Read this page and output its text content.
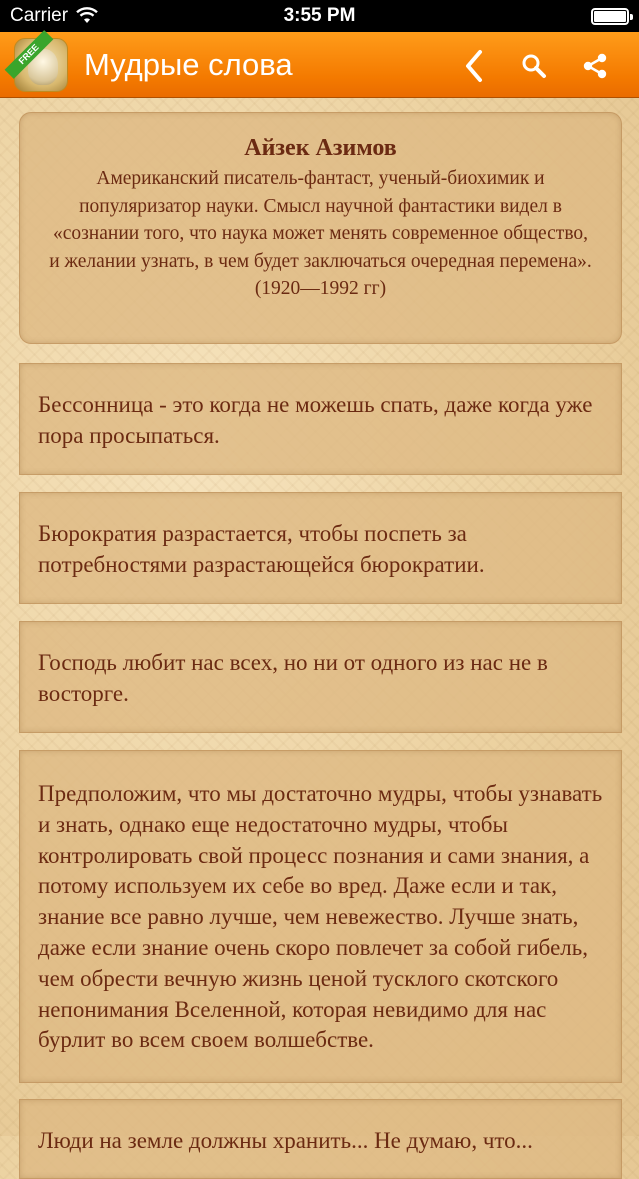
Carrier	3:55 PM
FREE	Мудрые слова
Айзек Азимов
Американский писатель-фантаст, ученый-биохимик и популяризатор науки. Смысл научной фантастики видел в «сознании того, что наука может менять современное общество, и желании узнать, в чем будет заключаться очередная перемена».
(1920—1992 гг)
Бессонница - это когда не можешь спать, даже когда уже пора просыпаться.
Бюрократия разрастается, чтобы поспеть за потребностями разрастающейся бюрократии.
Господь любит нас всех, но ни от одного из нас не в восторге.
Предположим, что мы достаточно мудры, чтобы узнавать и знать, однако еще недостаточно мудры, чтобы контролировать свой процесс познания и сами знания, а потому используем их себе во вред. Даже если и так, знание все равно лучше, чем невежество. Лучше знать, даже если знание очень скоро повлечет за собой гибель, чем обрести вечную жизнь ценой тусклого скотского непонимания Вселенной, которая невидимо для нас бурлит во всем своем волшебстве.
Люди на земле должны хранить... Не думаю, что...
